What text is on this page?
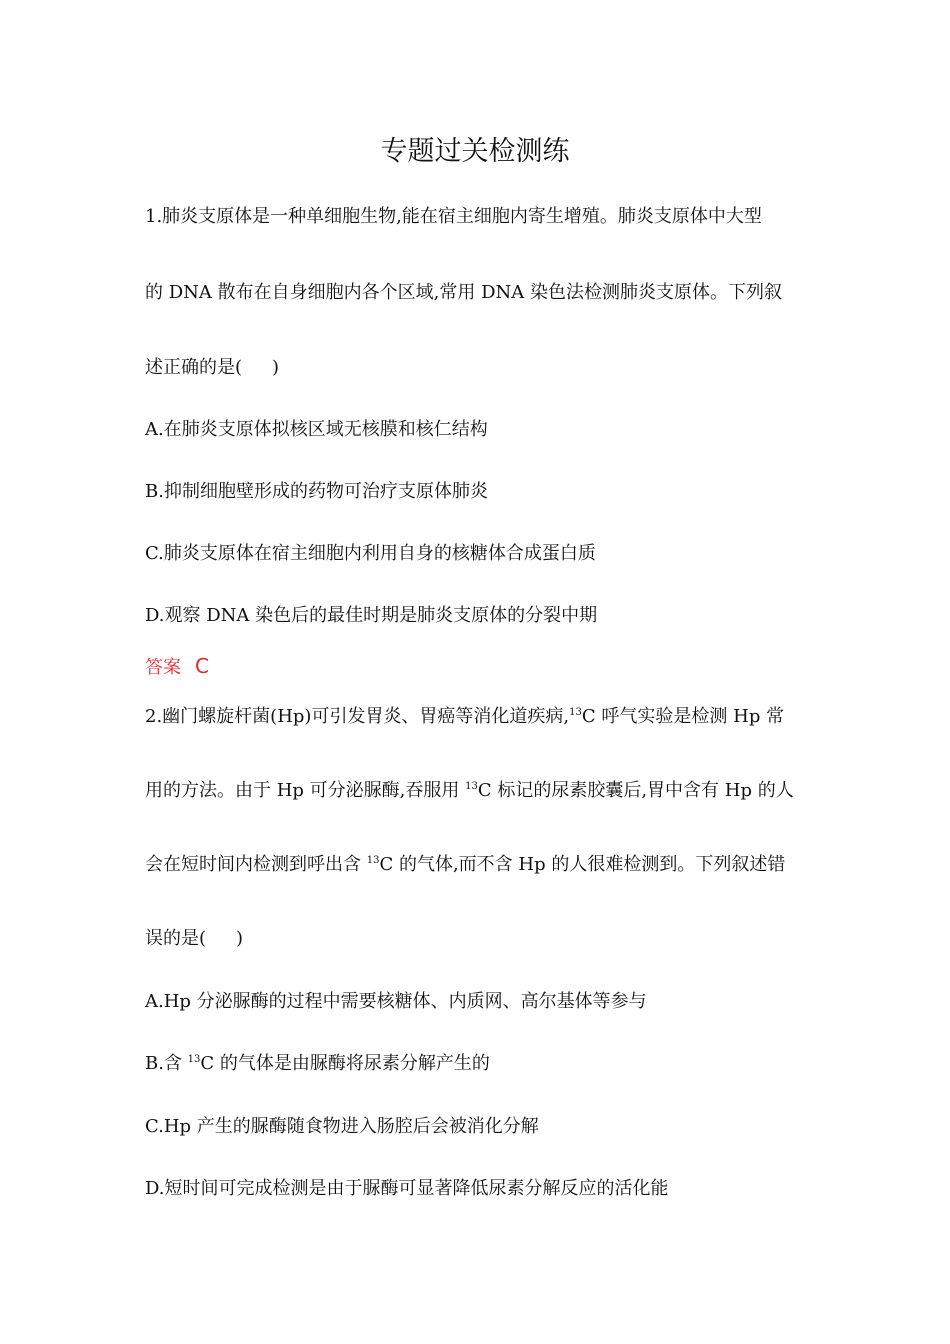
专题过关检测练
1.肺炎支原体是一种单细胞生物,能在宿主细胞内寄生增殖。肺炎支原体中大型
的 DNA 散布在自身细胞内各个区域,常用 DNA 染色法检测肺炎支原体。下列叙
述正确的是( )
A.在肺炎支原体拟核区域无核膜和核仁结构
B.抑制细胞壁形成的药物可治疗支原体肺炎
C.肺炎支原体在宿主细胞内利用自身的核糖体合成蛋白质
D.观察 DNA 染色后的最佳时期是肺炎支原体的分裂中期
答案 C
2.幽门螺旋杆菌(Hp)可引发胃炎、胃癌等消化道疾病,$^{13}$C 呼气实验是检测 Hp 常
用的方法。由于 Hp 可分泌脲酶,吞服用 $^{13}$C 标记的尿素胶囊后,胃中含有 Hp 的人
会在短时间内检测到呼出含 $^{13}$C 的气体,而不含 Hp 的人很难检测到。下列叙述错
误的是( )
A.Hp 分泌脲酶的过程中需要核糖体、内质网、高尔基体等参与
B.含 $^{13}$C 的气体是由脲酶将尿素分解产生的
C.Hp 产生的脲酶随食物进入肠腔后会被消化分解
D.短时间可完成检测是由于脲酶可显著降低尿素分解反应的活化能
